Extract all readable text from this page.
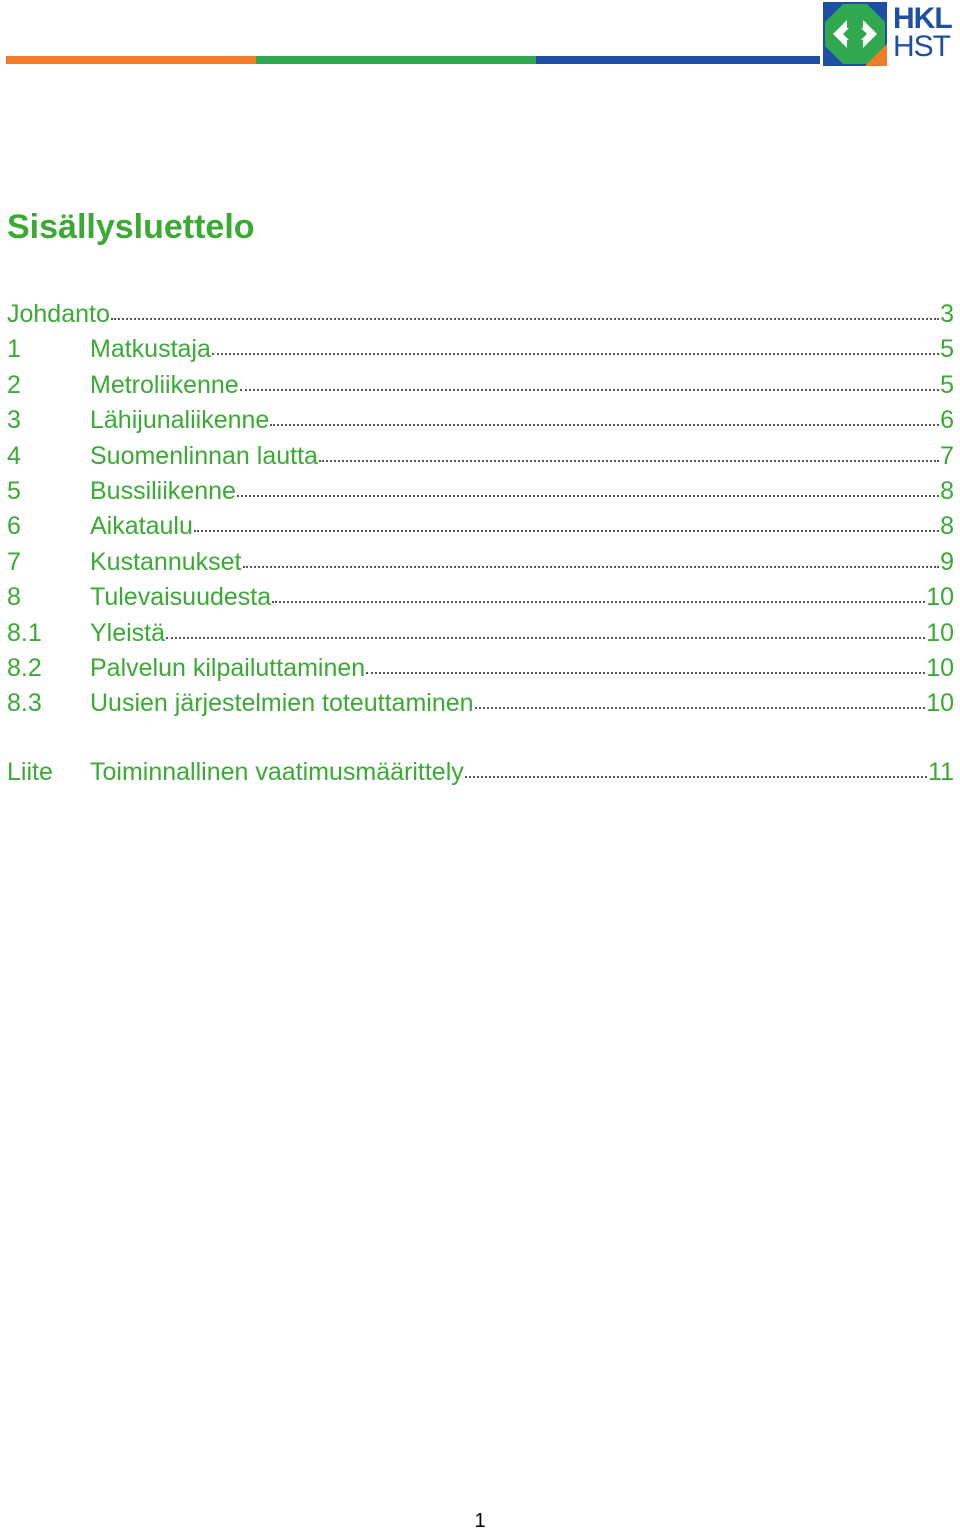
HKL
HST
Sisällysluettelo
Johdanto	3
1	Matkustaja	5
2	Metroliikenne	5
3	Lähijunaliikenne	6
4	Suomenlinnan lautta	7
5	Bussiliikenne	8
6	Aikataulu	8
7	Kustannukset	9
8	Tulevaisuudesta	10
8.1	Yleistä	10
8.2	Palvelun kilpailuttaminen	10
8.3	Uusien järjestelmien toteuttaminen	10
Liite	Toiminnallinen vaatimusmäärittely	11
1
